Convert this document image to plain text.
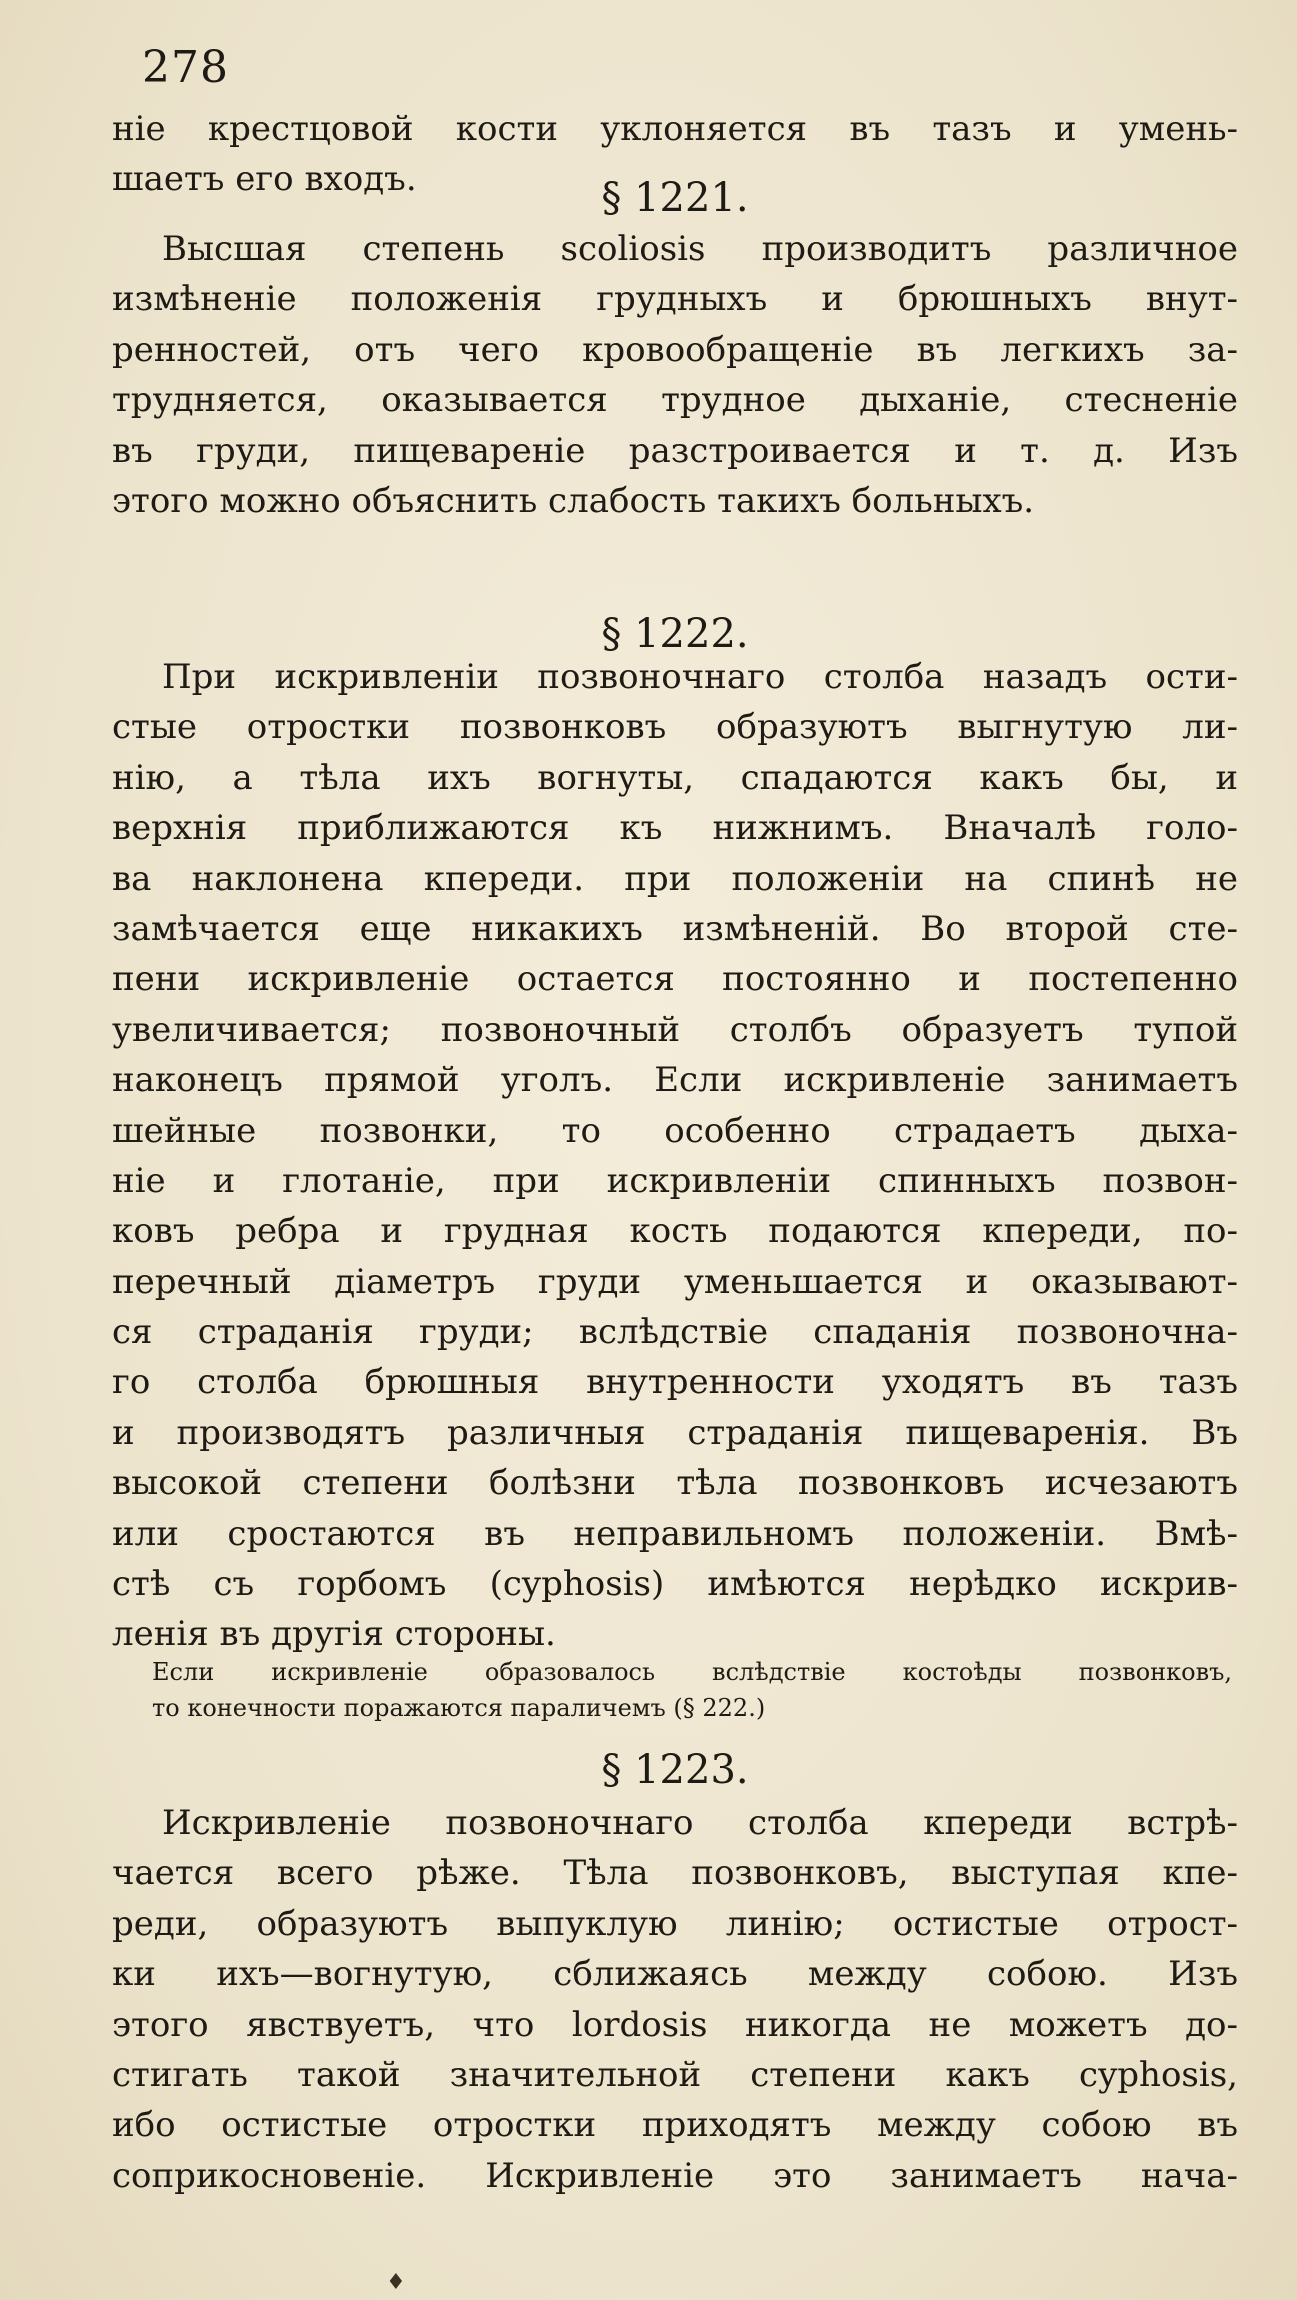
278
ніе крестцовой кости уклоняется въ тазъ и умень-
шаетъ его входъ.	§ 1221.
Высшая степень scoliosis производитъ различное
измѣненіе положенія грудныхъ и брюшныхъ внут-
ренностей, отъ чего кровообращеніе въ легкихъ за-
трудняется, оказывается трудное дыханіе, стесненіе
въ груди, пищевареніе разстроивается и т. д. Изъ
этого можно объяснить слабость такихъ больныхъ.
§ 1222.
При искривленіи позвоночнаго столба назадъ ости-
стые отростки позвонковъ образуютъ выгнутую ли-
нію, а тѣла ихъ вогнуты, спадаются какъ бы, и
верхнія приближаются къ нижнимъ. Вначалѣ голо-
ва наклонена кпереди. при положеніи на спинѣ не
замѣчается еще никакихъ измѣненій. Во второй сте-
пени искривленіе остается постоянно и постепенно
увеличивается; позвоночный столбъ образуетъ тупой
наконецъ прямой уголъ. Если искривленіе занимаетъ
шейные позвонки, то особенно страдаетъ дыха-
ніе и глотаніе, при искривленіи спинныхъ позвон-
ковъ ребра и грудная кость подаются кпереди, по-
перечный діаметръ груди уменьшается и оказывают-
ся страданія груди; вслѣдствіе спаданія позвоночна-
го столба брюшныя внутренности уходятъ въ тазъ
и производятъ различныя страданія пищеваренія. Въ
высокой степени болѣзни тѣла позвонковъ исчезаютъ
или сростаются въ неправильномъ положеніи. Вмѣ-
стѣ съ горбомъ (cyphosis) имѣются нерѣдко искрив-
ленія въ другія стороны.
Если искривленіе образовалось вслѣдствіе костоѣды позвонковъ,
то конечности поражаются параличемъ (§ 222.)
§ 1223.
Искривленіе позвоночнаго столба кпереди встрѣ-
чается всего рѣже. Тѣла позвонковъ, выступая кпе-
реди, образуютъ выпуклую линію; остистые отрост-
ки ихъ—вогнутую, сближаясь между собою. Изъ
этого явствуетъ, что lordosis никогда не можетъ до-
стигать такой значительной степени какъ cyphosis,
ибо остистые отростки приходятъ между собою въ
соприкосновеніе. Искривленіе это занимаетъ нача-
♦
